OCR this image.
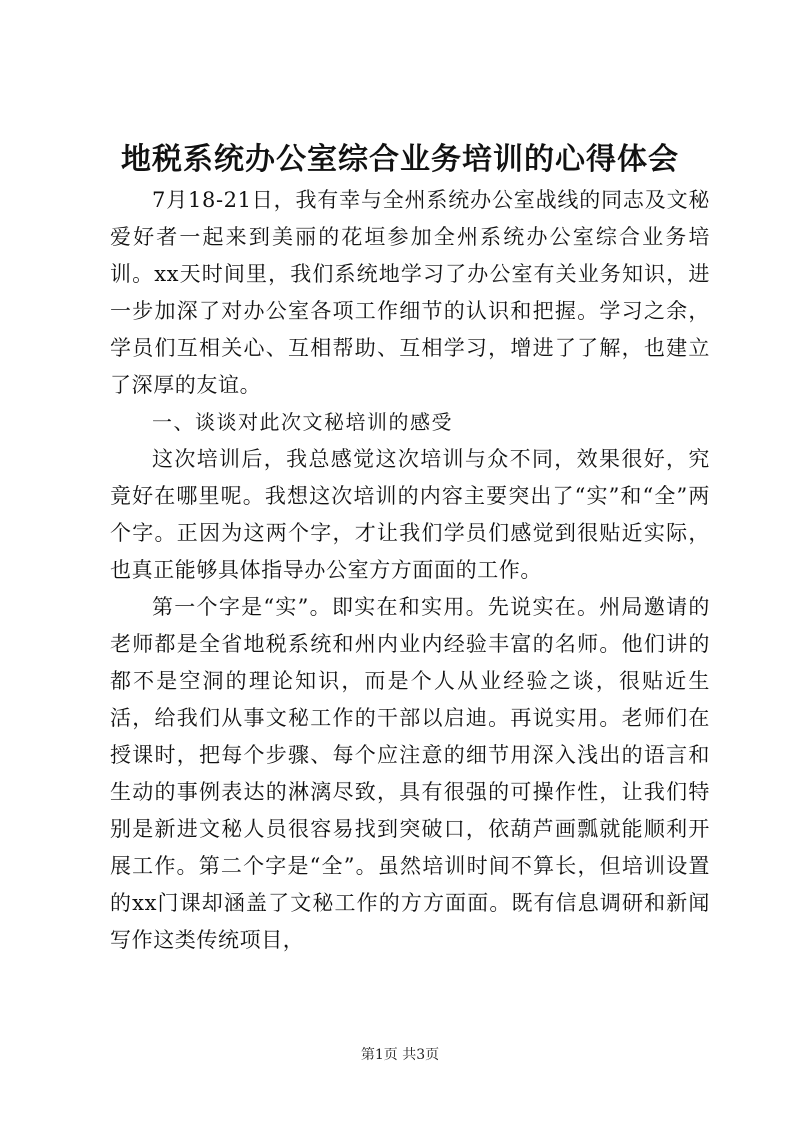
地税系统办公室综合业务培训的心得体会

7月18-21日，我有幸与全州系统办公室战线的同志及文秘爱好者一起来到美丽的花垣参加全州系统办公室综合业务培训。xx天时间里，我们系统地学习了办公室有关业务知识，进一步加深了对办公室各项工作细节的认识和把握。学习之余，学员们互相关心、互相帮助、互相学习，增进了了解，也建立了深厚的友谊。

一、谈谈对此次文秘培训的感受

这次培训后，我总感觉这次培训与众不同，效果很好，究竟好在哪里呢。我想这次培训的内容主要突出了“实”和“全”两个字。正因为这两个字，才让我们学员们感觉到很贴近实际，也真正能够具体指导办公室方方面面的工作。

第一个字是“实”。即实在和实用。先说实在。州局邀请的老师都是全省地税系统和州内业内经验丰富的名师。他们讲的都不是空洞的理论知识，而是个人从业经验之谈，很贴近生活，给我们从事文秘工作的干部以启迪。再说实用。老师们在授课时，把每个步骤、每个应注意的细节用深入浅出的语言和生动的事例表达的淋漓尽致，具有很强的可操作性，让我们特别是新进文秘人员很容易找到突破口，依葫芦画瓢就能顺利开展工作。第二个字是“全”。虽然培训时间不算长，但培训设置的xx门课却涵盖了文秘工作的方方面面。既有信息调研和新闻写作这类传统项目，

第1页 共3页
